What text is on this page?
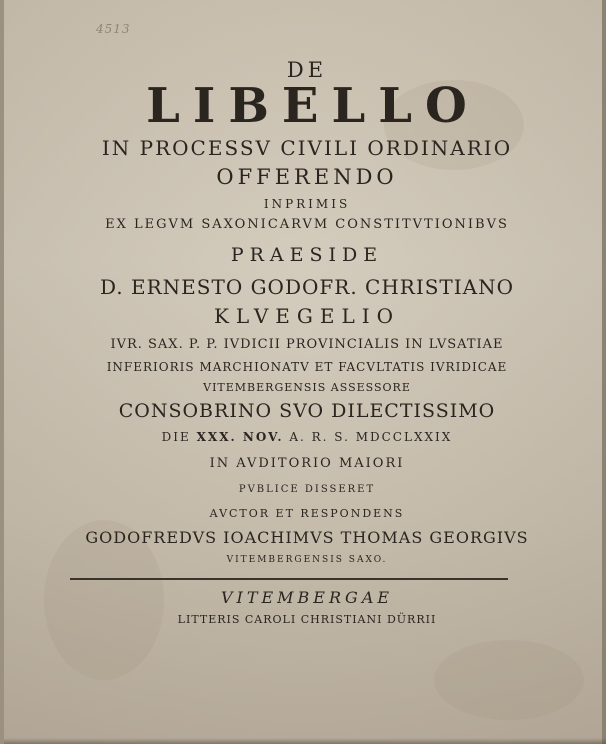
4513
DE
LIBELLO
IN PROCESSV CIVILI ORDINARIO
OFFERENDO
INPRIMIS
EX LEGVM SAXONICARVM CONSTITVTIONIBVS
PRAESIDE
D. ERNESTO GODOFR. CHRISTIANO
KLVEGELIO
IVR. SAX. P. P. IVDICII PROVINCIALIS IN LVSATIAE
INFERIORIS MARCHIONATV ET FACVLTATIS IVRIDICAE
VITEMBERGENSIS ASSESSORE
CONSOBRINO SVO DILECTISSIMO
DIE XXX. NOV. A. R. S. MDCCLXXIX
IN AVDITORIO MAIORI
PVBLICE DISSERET
AVCTOR ET RESPONDENS
GODOFREDVS IOACHIMVS THOMAS GEORGIVS
VITEMBERGENSIS SAXO.
VITEMBERGAE
LITTERIS CAROLI CHRISTIANI DÜRRII
